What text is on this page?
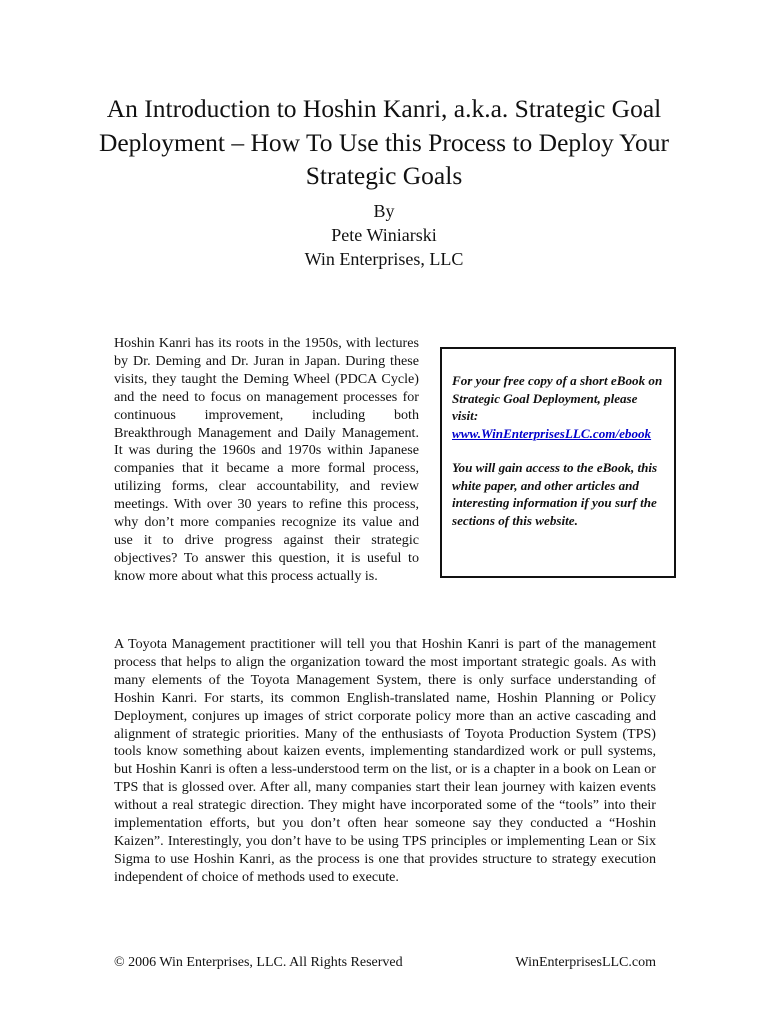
An Introduction to Hoshin Kanri, a.k.a. Strategic Goal Deployment – How To Use this Process to Deploy Your Strategic Goals
By
Pete Winiarski
Win Enterprises, LLC

Hoshin Kanri has its roots in the 1950s, with lectures by Dr. Deming and Dr. Juran in Japan. During these visits, they taught the Deming Wheel (PDCA Cycle) and the need to focus on management processes for continuous improvement, including both Breakthrough Management and Daily Management. It was during the 1960s and 1970s within Japanese companies that it became a more formal process, utilizing forms, clear accountability, and review meetings. With over 30 years to refine this process, why don’t more companies recognize its value and use it to drive progress against their strategic objectives? To answer this question, it is useful to know more about what this process actually is.

For your free copy of a short eBook on Strategic Goal Deployment, please visit:

www.WinEnterprisesLLC.com/ebook

You will gain access to the eBook, this white paper, and other articles and interesting information if you surf the sections of this website.

A Toyota Management practitioner will tell you that Hoshin Kanri is part of the management process that helps to align the organization toward the most important strategic goals. As with many elements of the Toyota Management System, there is only surface understanding of Hoshin Kanri. For starts, its common English-translated name, Hoshin Planning or Policy Deployment, conjures up images of strict corporate policy more than an active cascading and alignment of strategic priorities. Many of the enthusiasts of Toyota Production System (TPS) tools know something about kaizen events, implementing standardized work or pull systems, but Hoshin Kanri is often a less-understood term on the list, or is a chapter in a book on Lean or TPS that is glossed over. After all, many companies start their lean journey with kaizen events without a real strategic direction. They might have incorporated some of the “tools” into their implementation efforts, but you don’t often hear someone say they conducted a “Hoshin Kaizen”. Interestingly, you don’t have to be using TPS principles or implementing Lean or Six Sigma to use Hoshin Kanri, as the process is one that provides structure to strategy execution independent of choice of methods used to execute.

© 2006 Win Enterprises, LLC. All Rights Reserved	WinEnterprisesLLC.com
